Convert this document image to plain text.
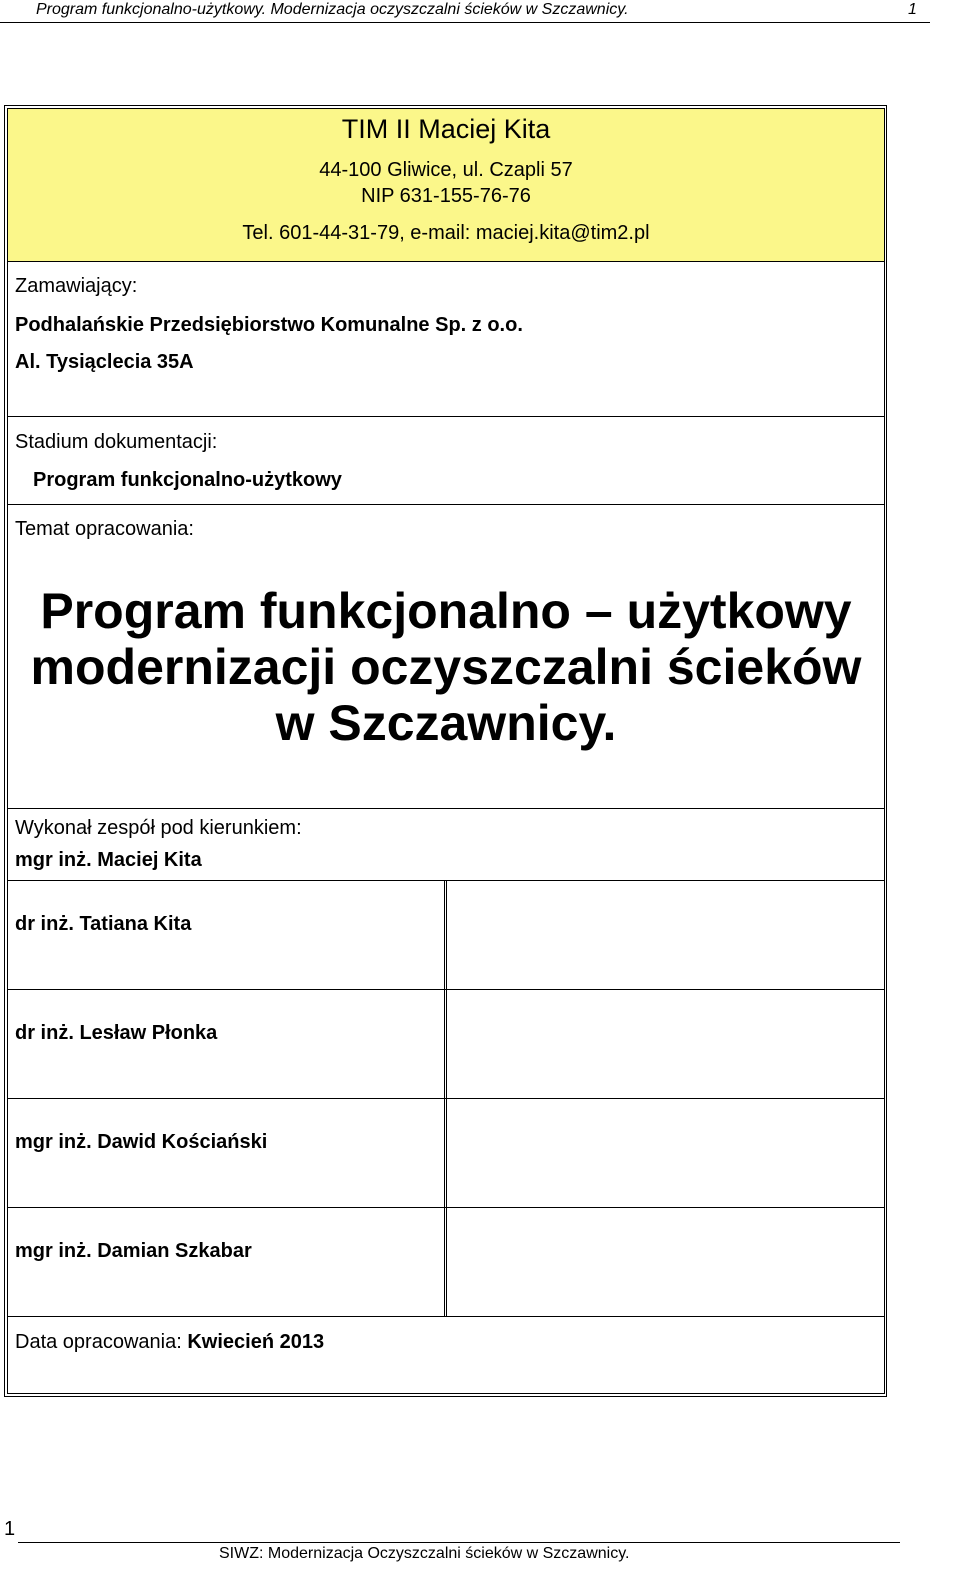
Program funkcjonalno-użytkowy. Modernizacja oczyszczalni ścieków w Szczawnicy.	1
TIM II Maciej Kita
44-100 Gliwice, ul. Czapli 57
NIP 631-155-76-76
Tel. 601-44-31-79, e-mail: maciej.kita@tim2.pl
Zamawiający:
Podhalańskie Przedsiębiorstwo Komunalne Sp. z o.o.
Al. Tysiąclecia 35A
Stadium dokumentacji:
Program funkcjonalno-użytkowy
Temat opracowania:
Program funkcjonalno – użytkowy
modernizacji oczyszczalni ścieków
w Szczawnicy.
Wykonał zespół pod kierunkiem:
mgr inż. Maciej Kita
dr inż. Tatiana Kita
dr inż. Lesław Płonka
mgr inż. Dawid Kościański
mgr inż. Damian Szkabar
Data opracowania: Kwiecień 2013
1
SIWZ: Modernizacja Oczyszczalni ścieków w Szczawnicy.
